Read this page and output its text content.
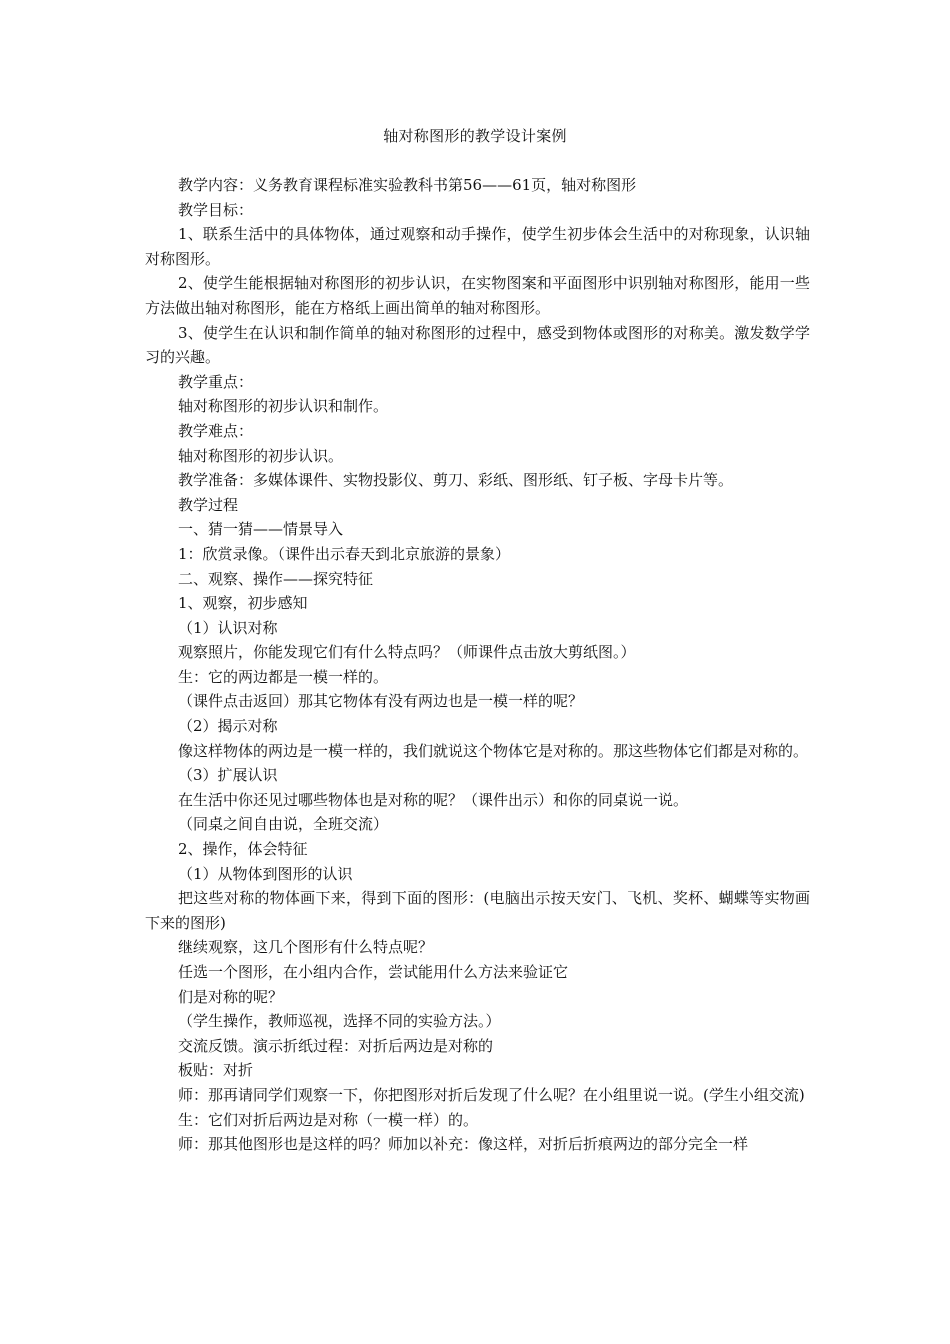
轴对称图形的教学设计案例

教学内容：义务教育课程标准实验教科书第56——61页，轴对称图形

教学目标：

1、联系生活中的具体物体，通过观察和动手操作，使学生初步体会生活中的对称现象，认识轴对称图形。

2、使学生能根据轴对称图形的初步认识，在实物图案和平面图形中识别轴对称图形，能用一些方法做出轴对称图形，能在方格纸上画出简单的轴对称图形。

3、使学生在认识和制作简单的轴对称图形的过程中，感受到物体或图形的对称美。激发数学学习的兴趣。

教学重点：

轴对称图形的初步认识和制作。

教学难点：

轴对称图形的初步认识。

教学准备：多媒体课件、实物投影仪、剪刀、彩纸、图形纸、钉子板、字母卡片等。

教学过程

一、猜一猜——情景导入

1：欣赏录像。（课件出示春天到北京旅游的景象）

二、观察、操作——探究特征

1、观察，初步感知

（1）认识对称

观察照片，你能发现它们有什么特点吗？（师课件点击放大剪纸图。）

生：它的两边都是一模一样的。

（课件点击返回）那其它物体有没有两边也是一模一样的呢？

（2）揭示对称

像这样物体的两边是一模一样的，我们就说这个物体它是对称的。那这些物体它们都是对称的。

（3）扩展认识

在生活中你还见过哪些物体也是对称的呢？（课件出示）和你的同桌说一说。

（同桌之间自由说，全班交流）

2、操作，体会特征

（1）从物体到图形的认识

把这些对称的物体画下来，得到下面的图形：(电脑出示按天安门、飞机、奖杯、蝴蝶等实物画下来的图形)

继续观察，这几个图形有什么特点呢？

任选一个图形，在小组内合作，尝试能用什么方法来验证它

们是对称的呢？

（学生操作，教师巡视，选择不同的实验方法。）

交流反馈。演示折纸过程：对折后两边是对称的

板贴：对折

师：那再请同学们观察一下，你把图形对折后发现了什么呢？在小组里说一说。(学生小组交流)

生：它们对折后两边是对称（一模一样）的。

师：那其他图形也是这样的吗？师加以补充：像这样，对折后折痕两边的部分完全一样
